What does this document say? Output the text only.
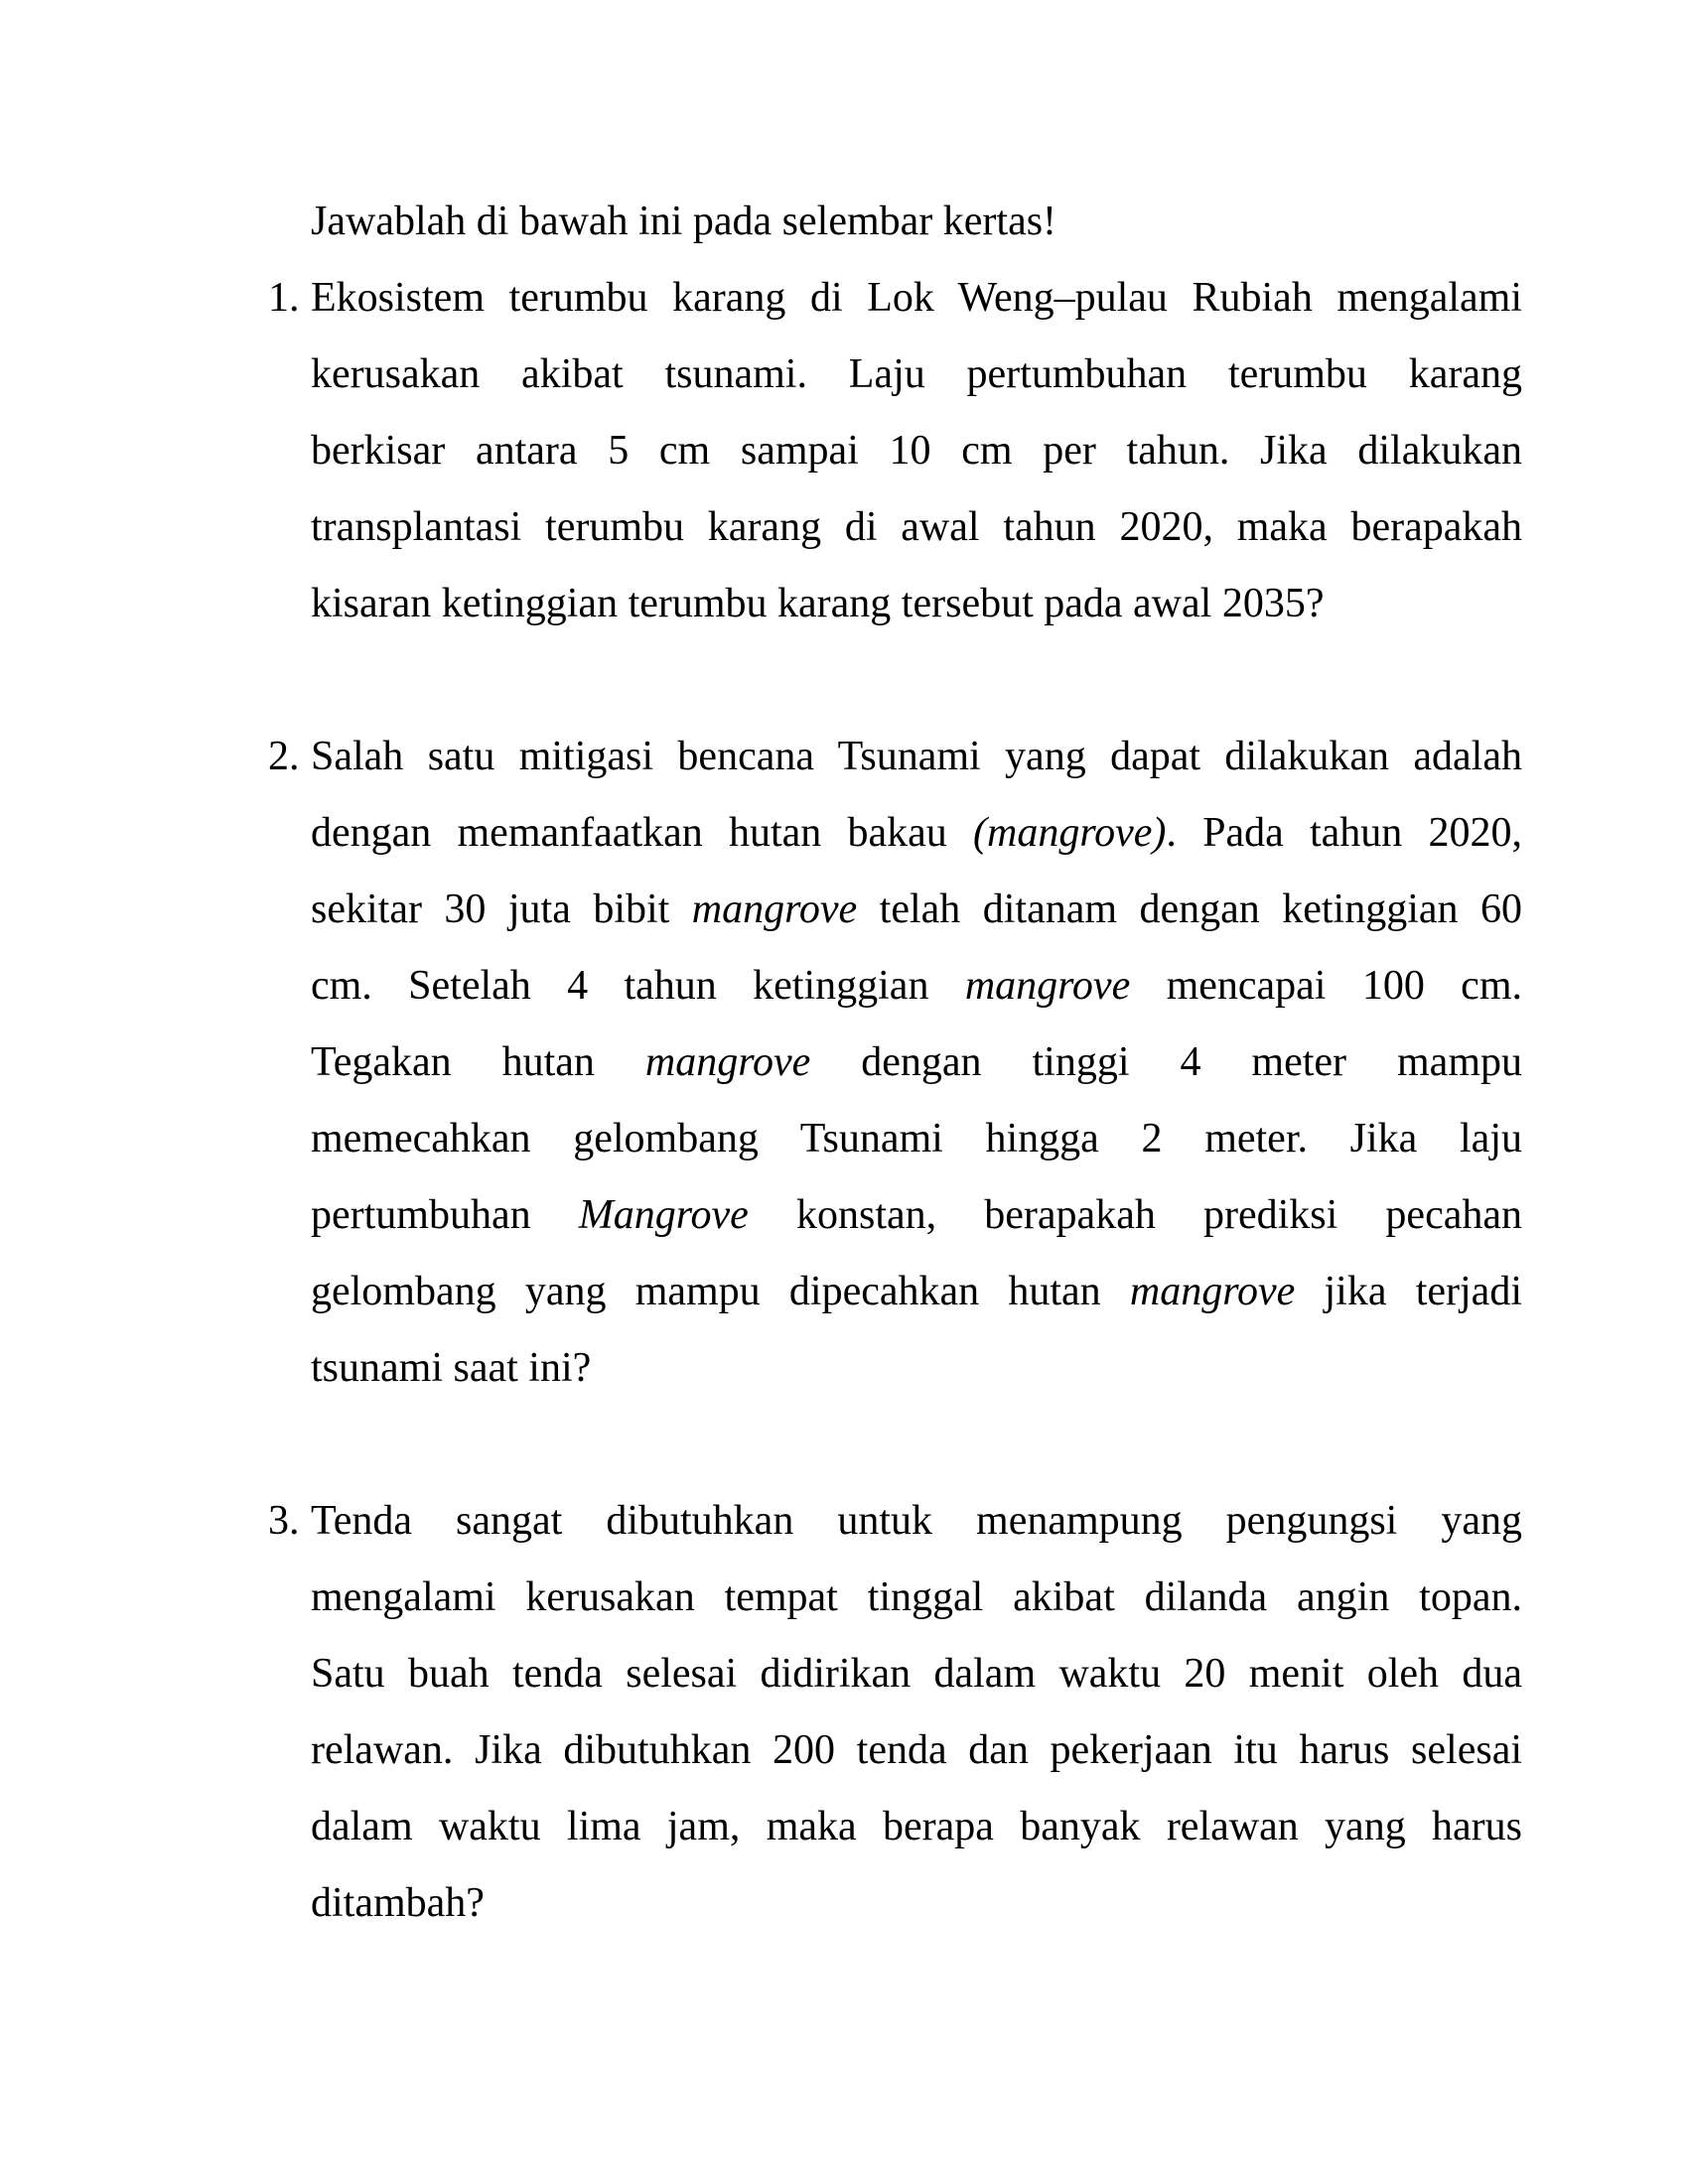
Jawablah di bawah ini pada selembar kertas!
1. Ekosistem terumbu karang di Lok Weng–pulau Rubiah mengalami
kerusakan akibat tsunami. Laju pertumbuhan terumbu karang
berkisar antara 5 cm sampai 10 cm per tahun. Jika dilakukan
transplantasi terumbu karang di awal tahun 2020, maka berapakah
kisaran ketinggian terumbu karang tersebut pada awal 2035?
2. Salah satu mitigasi bencana Tsunami yang dapat dilakukan adalah
dengan memanfaatkan hutan bakau (mangrove). Pada tahun 2020,
sekitar 30 juta bibit mangrove telah ditanam dengan ketinggian 60
cm. Setelah 4 tahun ketinggian mangrove mencapai 100 cm.
Tegakan hutan mangrove dengan tinggi 4 meter mampu
memecahkan gelombang Tsunami hingga 2 meter. Jika laju
pertumbuhan Mangrove konstan, berapakah prediksi pecahan
gelombang yang mampu dipecahkan hutan mangrove jika terjadi
tsunami saat ini?
3. Tenda sangat dibutuhkan untuk menampung pengungsi yang
mengalami kerusakan tempat tinggal akibat dilanda angin topan.
Satu buah tenda selesai didirikan dalam waktu 20 menit oleh dua
relawan. Jika dibutuhkan 200 tenda dan pekerjaan itu harus selesai
dalam waktu lima jam, maka berapa banyak relawan yang harus
ditambah?
